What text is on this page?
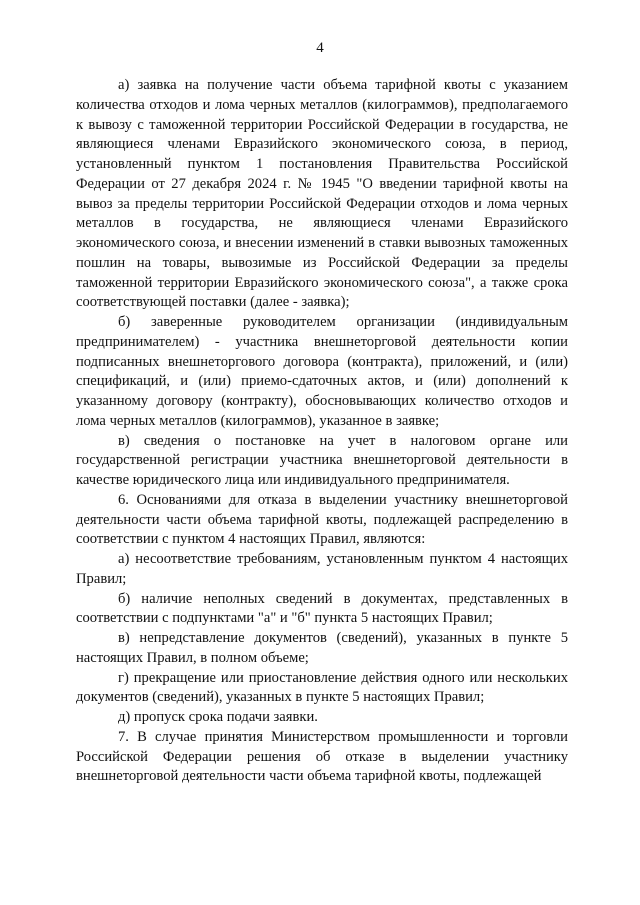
4

а) заявка на получение части объема тарифной квоты с указанием количества отходов и лома черных металлов (килограммов), предполагаемого к вывозу с таможенной территории Российской Федерации в государства, не являющиеся членами Евразийского экономического союза, в период, установленный пунктом 1 постановления Правительства Российской Федерации от 27 декабря 2024 г. № 1945 "О введении тарифной квоты на вывоз за пределы территории Российской Федерации отходов и лома черных металлов в государства, не являющиеся членами Евразийского экономического союза, и внесении изменений в ставки вывозных таможенных пошлин на товары, вывозимые из Российской Федерации за пределы таможенной территории Евразийского экономического союза", а также срока соответствующей поставки (далее - заявка);

б) заверенные руководителем организации (индивидуальным предпринимателем) - участника внешнеторговой деятельности копии подписанных внешнеторгового договора (контракта), приложений, и (или) спецификаций, и (или) приемо-сдаточных актов, и (или) дополнений к указанному договору (контракту), обосновывающих количество отходов и лома черных металлов (килограммов), указанное в заявке;

в) сведения о постановке на учет в налоговом органе или государственной регистрации участника внешнеторговой деятельности в качестве юридического лица или индивидуального предпринимателя.

6. Основаниями для отказа в выделении участнику внешнеторговой деятельности части объема тарифной квоты, подлежащей распределению в соответствии с пунктом 4 настоящих Правил, являются:

а) несоответствие требованиям, установленным пунктом 4 настоящих Правил;

б) наличие неполных сведений в документах, представленных в соответствии с подпунктами "а" и "б" пункта 5 настоящих Правил;

в) непредставление документов (сведений), указанных в пункте 5 настоящих Правил, в полном объеме;

г) прекращение или приостановление действия одного или нескольких документов (сведений), указанных в пункте 5 настоящих Правил;

д) пропуск срока подачи заявки.

7. В случае принятия Министерством промышленности и торговли Российской Федерации решения об отказе в выделении участнику внешнеторговой деятельности части объема тарифной квоты, подлежащей
